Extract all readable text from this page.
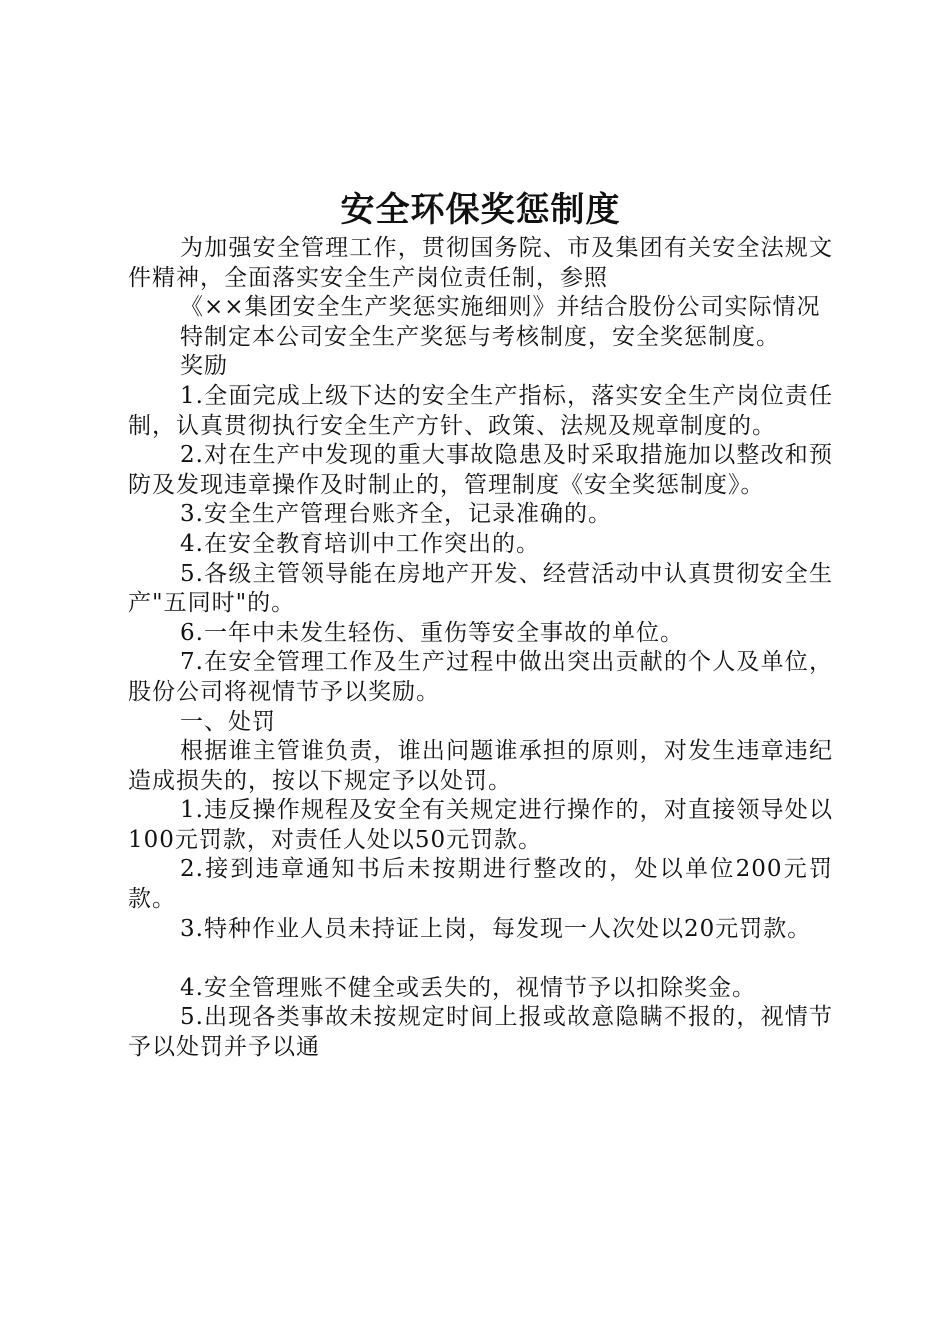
安全环保奖惩制度

为加强安全管理工作，贯彻国务院、市及集团有关安全法规文件精神，全面落实安全生产岗位责任制，参照

《××集团安全生产奖惩实施细则》并结合股份公司实际情况

特制定本公司安全生产奖惩与考核制度，安全奖惩制度。

奖励

1.全面完成上级下达的安全生产指标，落实安全生产岗位责任制，认真贯彻执行安全生产方针、政策、法规及规章制度的。

2.对在生产中发现的重大事故隐患及时采取措施加以整改和预防及发现违章操作及时制止的，管理制度《安全奖惩制度》。

3.安全生产管理台账齐全，记录准确的。

4.在安全教育培训中工作突出的。

5.各级主管领导能在房地产开发、经营活动中认真贯彻安全生产"五同时"的。

6.一年中未发生轻伤、重伤等安全事故的单位。

7.在安全管理工作及生产过程中做出突出贡献的个人及单位，股份公司将视情节予以奖励。

一、处罚

根据谁主管谁负责，谁出问题谁承担的原则，对发生违章违纪造成损失的，按以下规定予以处罚。

1.违反操作规程及安全有关规定进行操作的，对直接领导处以100元罚款，对责任人处以50元罚款。

2.接到违章通知书后未按期进行整改的，处以单位200元罚款。

3.特种作业人员未持证上岗，每发现一人次处以20元罚款。

4.安全管理账不健全或丢失的，视情节予以扣除奖金。

5.出现各类事故未按规定时间上报或故意隐瞒不报的，视情节予以处罚并予以通
